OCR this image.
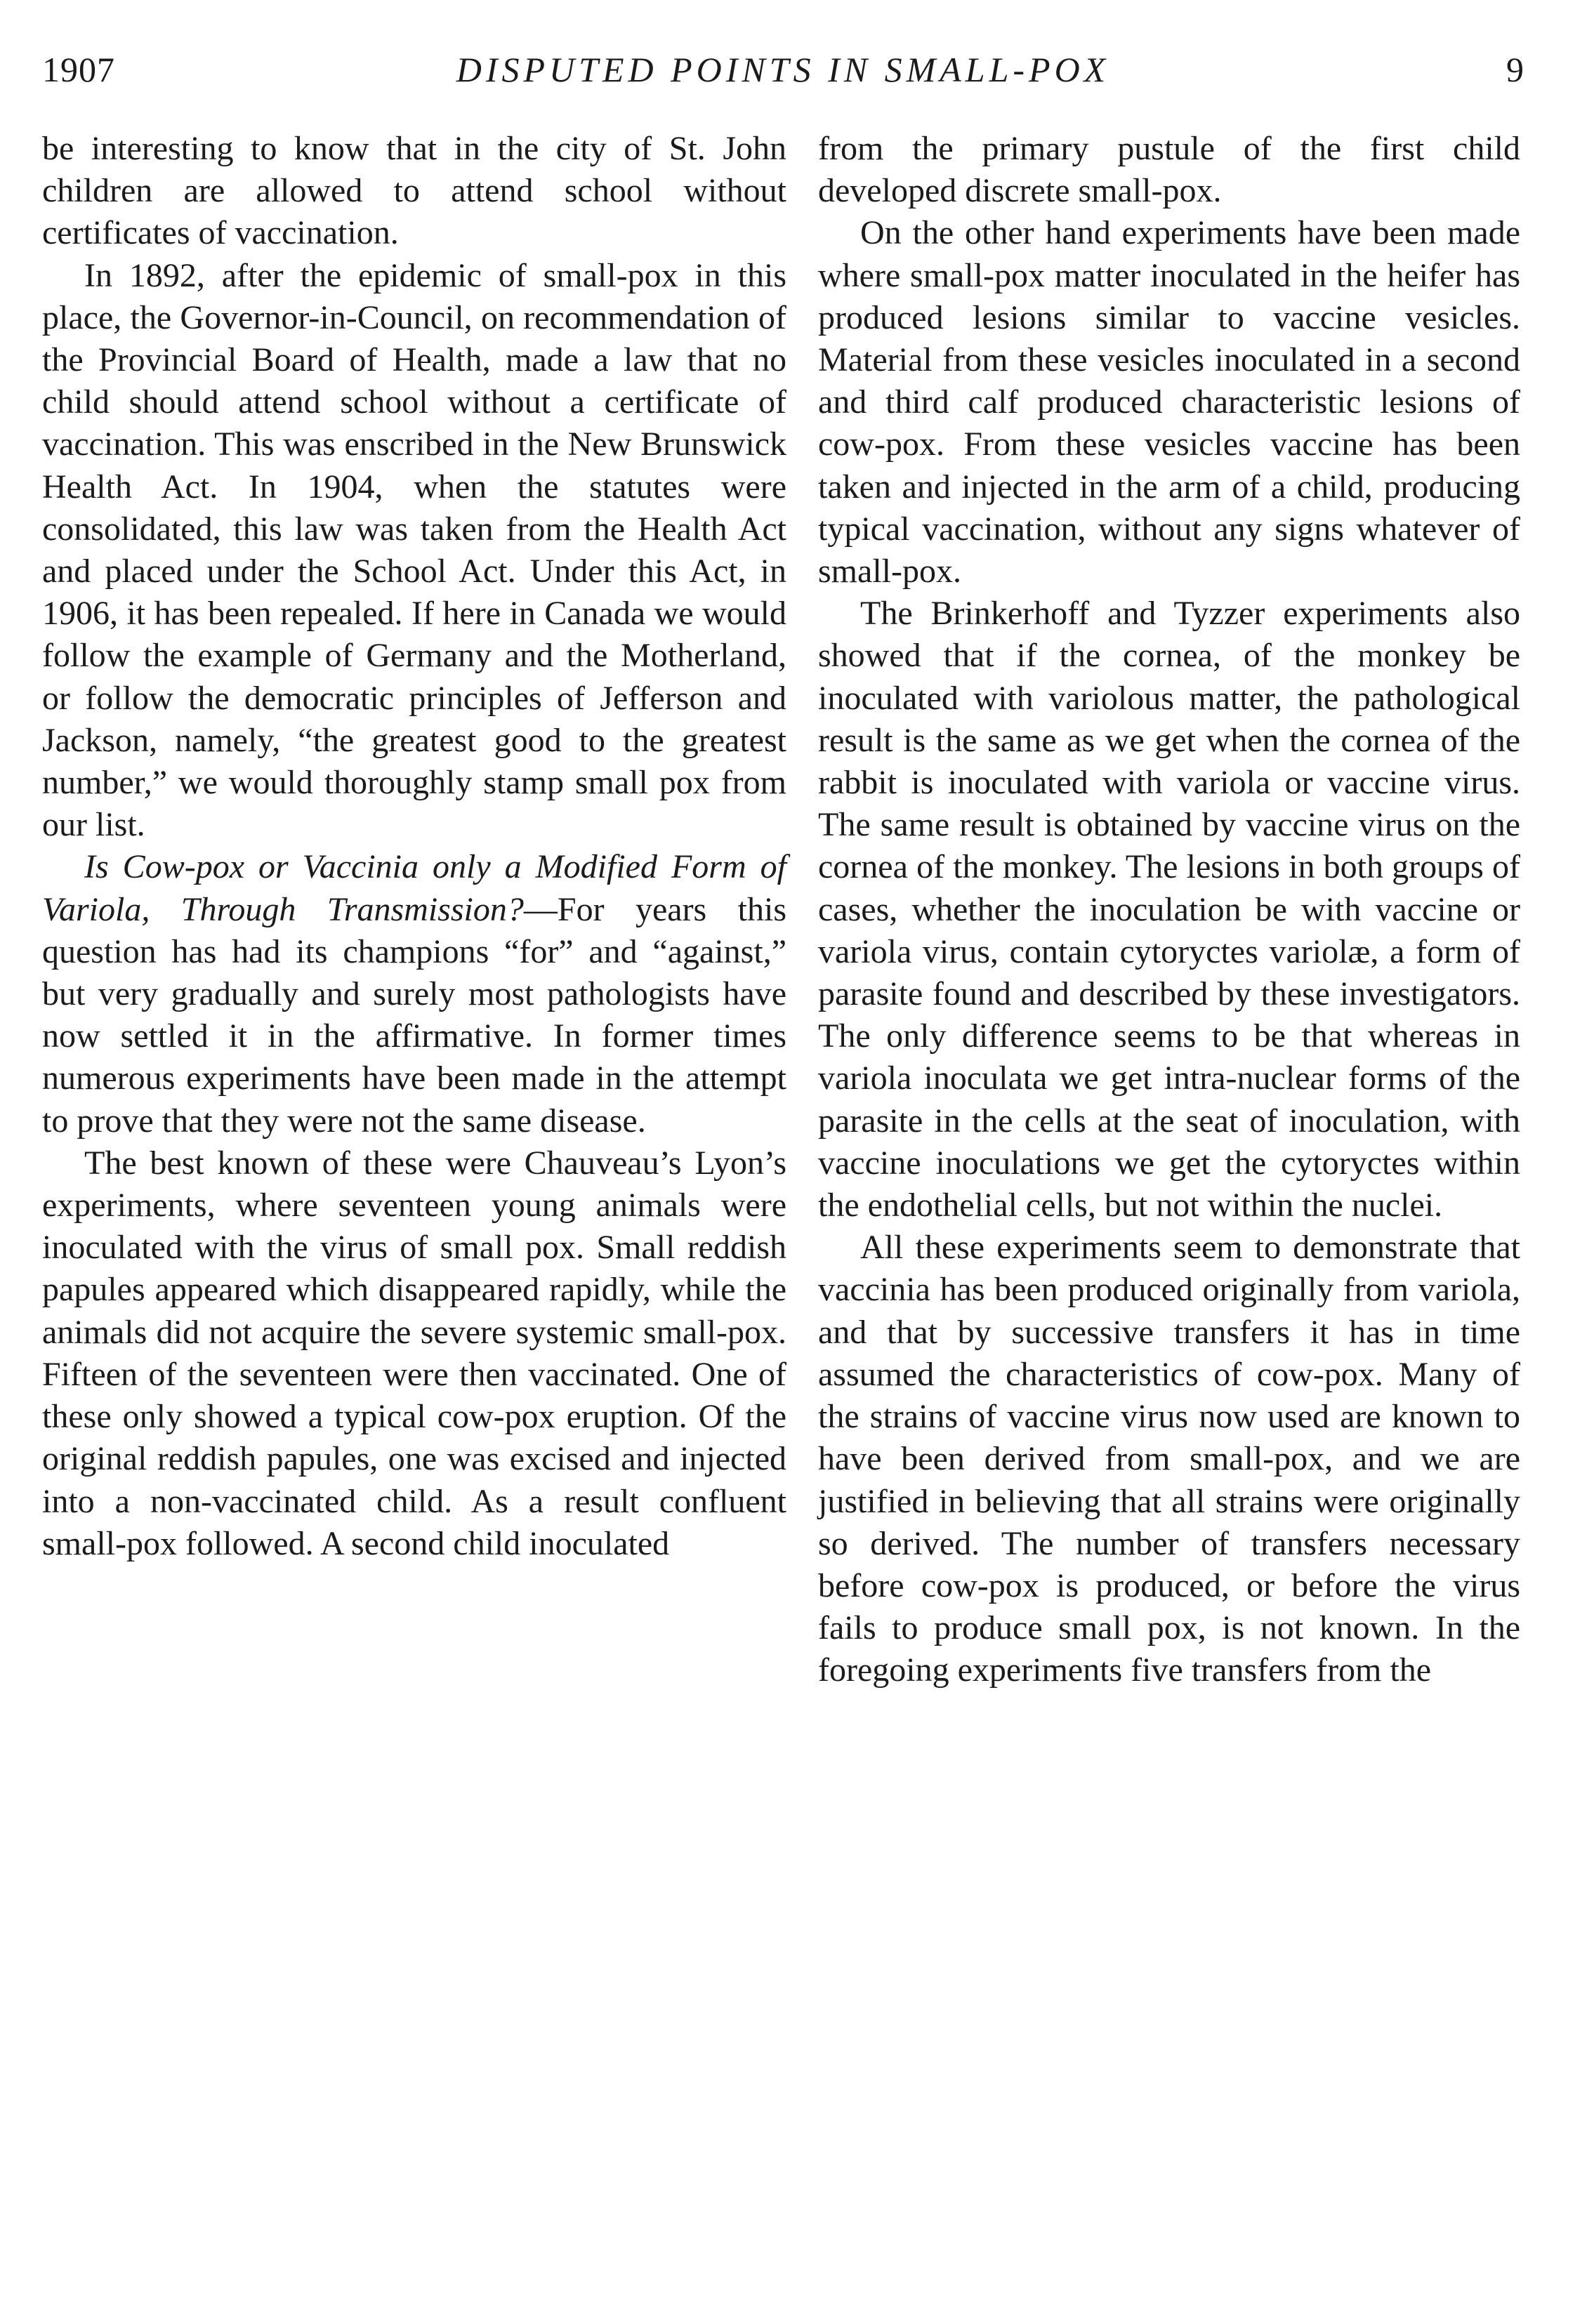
1907	DISPUTED POINTS IN SMALL-POX	9

be interesting to know that in the city of St. John children are allowed to attend school without certificates of vaccination.

In 1892, after the epidemic of small-pox in this place, the Governor-in-Council, on recommendation of the Provincial Board of Health, made a law that no child should attend school without a certificate of vaccination. This was enscribed in the New Brunswick Health Act. In 1904, when the statutes were consolidated, this law was taken from the Health Act and placed under the School Act. Under this Act, in 1906, it has been repealed. If here in Canada we would follow the example of Germany and the Motherland, or follow the democratic principles of Jefferson and Jackson, namely, “the greatest good to the greatest number,” we would thoroughly stamp small pox from our list.

Is Cow-pox or Vaccinia only a Modified Form of Variola, Through Transmission?—For years this question has had its champions “for” and “against,” but very gradually and surely most pathologists have now settled it in the affirmative. In former times numerous experiments have been made in the attempt to prove that they were not the same disease.

The best known of these were Chauveau’s Lyon’s experiments, where seventeen young animals were inoculated with the virus of small pox. Small reddish papules appeared which disappeared rapidly, while the animals did not acquire the severe systemic small-pox. Fifteen of the seventeen were then vaccinated. One of these only showed a typical cow-pox eruption. Of the original reddish papules, one was excised and injected into a non-vaccinated child. As a result confluent small-pox followed. A second child inoculated

from the primary pustule of the first child developed discrete small-pox.

On the other hand experiments have been made where small-pox matter inoculated in the heifer has produced lesions similar to vaccine vesicles. Material from these vesicles inoculated in a second and third calf produced characteristic lesions of cow-pox. From these vesicles vaccine has been taken and injected in the arm of a child, producing typical vaccination, without any signs whatever of small-pox.

The Brinkerhoff and Tyzzer experiments also showed that if the cornea, of the monkey be inoculated with variolous matter, the pathological result is the same as we get when the cornea of the rabbit is inoculated with variola or vaccine virus. The same result is obtained by vaccine virus on the cornea of the monkey. The lesions in both groups of cases, whether the inoculation be with vaccine or variola virus, contain cytoryctes variolæ, a form of parasite found and described by these investigators. The only difference seems to be that whereas in variola inoculata we get intra-nuclear forms of the parasite in the cells at the seat of inoculation, with vaccine inoculations we get the cytoryctes within the endothelial cells, but not within the nuclei.

All these experiments seem to demonstrate that vaccinia has been produced originally from variola, and that by successive transfers it has in time assumed the characteristics of cow-pox. Many of the strains of vaccine virus now used are known to have been derived from small-pox, and we are justified in believing that all strains were originally so derived. The number of transfers necessary before cow-pox is produced, or before the virus fails to produce small pox, is not known. In the foregoing experiments five transfers from the
